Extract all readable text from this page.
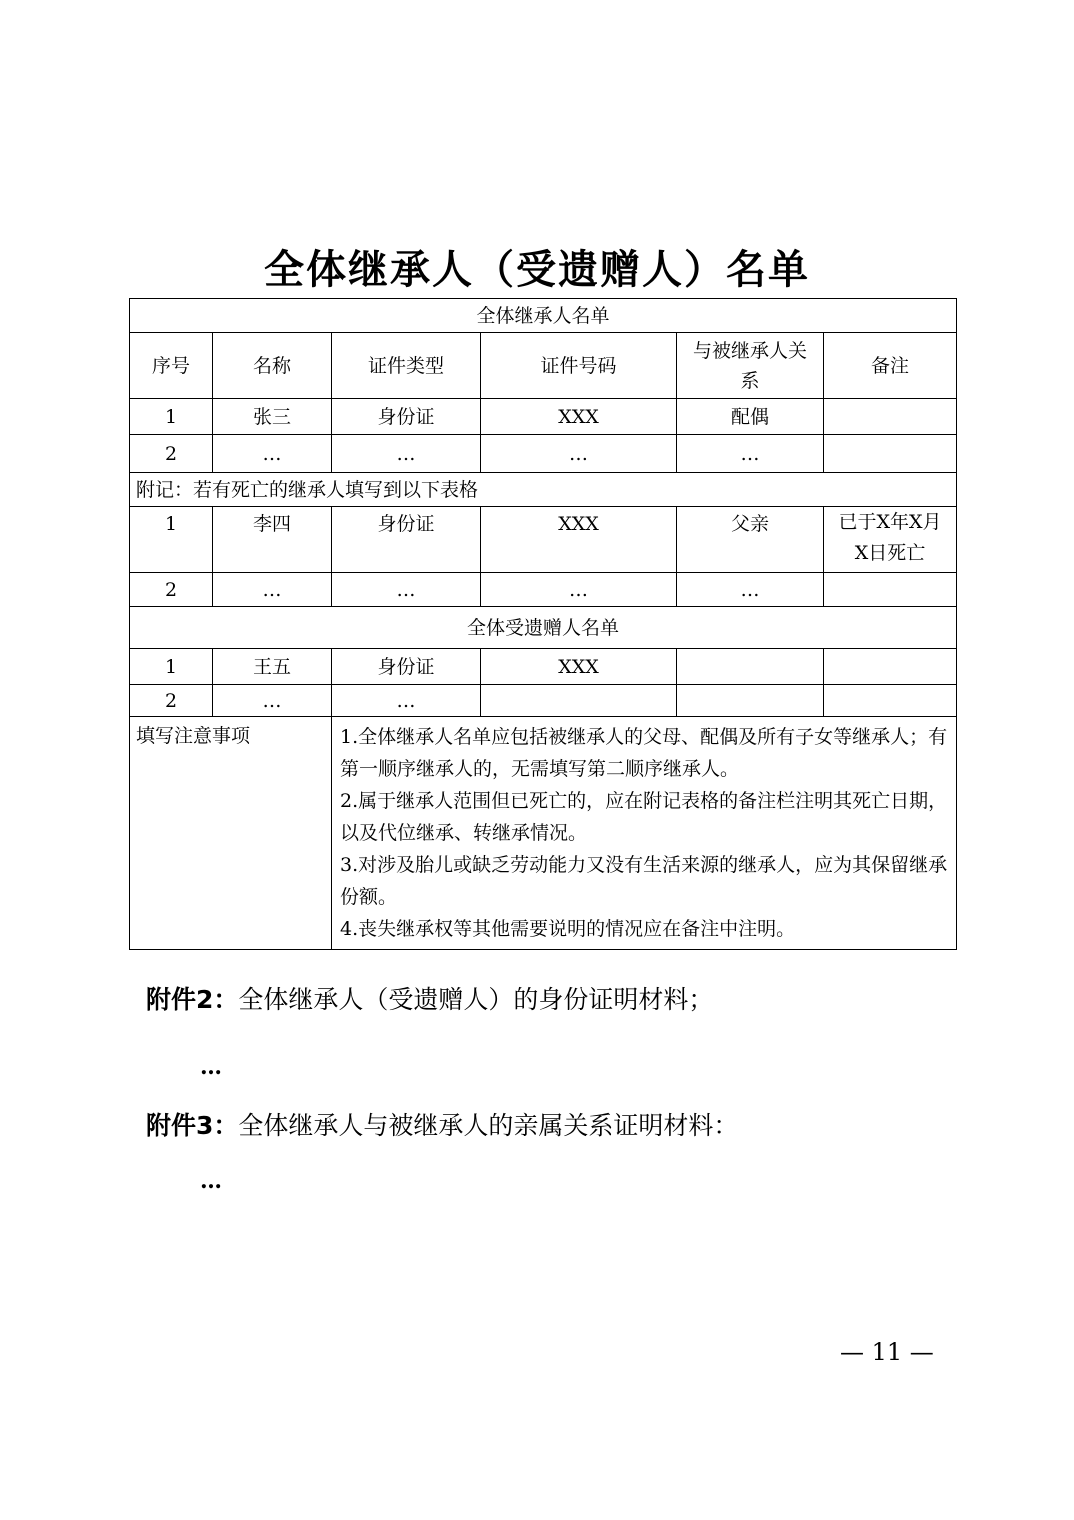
全体继承人（受遗赠人）名单
全体继承人名单					
序号	名称	证件类型	证件号码	与被继承人关系	备注
1	张三	身份证	XXX	配偶	
2	…	…	…	…	
附记：若有死亡的继承人填写到以下表格					
1	李四	身份证	XXX	父亲	已于X年X月X日死亡
2	…	…	…	…	
全体受遗赠人名单					
1	王五	身份证	XXX		
2	…	…			
填写注意事项		1.全体继承人名单应包括被继承人的父母、配偶及所有子女等继承人；有第一顺序继承人的，无需填写第二顺序继承人。
2.属于继承人范围但已死亡的，应在附记表格的备注栏注明其死亡日期，以及代位继承、转继承情况。
3.对涉及胎儿或缺乏劳动能力又没有生活来源的继承人，应为其保留继承份额。
4.丧失继承权等其他需要说明的情况应在备注中注明。			
附件2：全体继承人（受遗赠人）的身份证明材料；
…
附件3：全体继承人与被继承人的亲属关系证明材料：
…
— 11 —
